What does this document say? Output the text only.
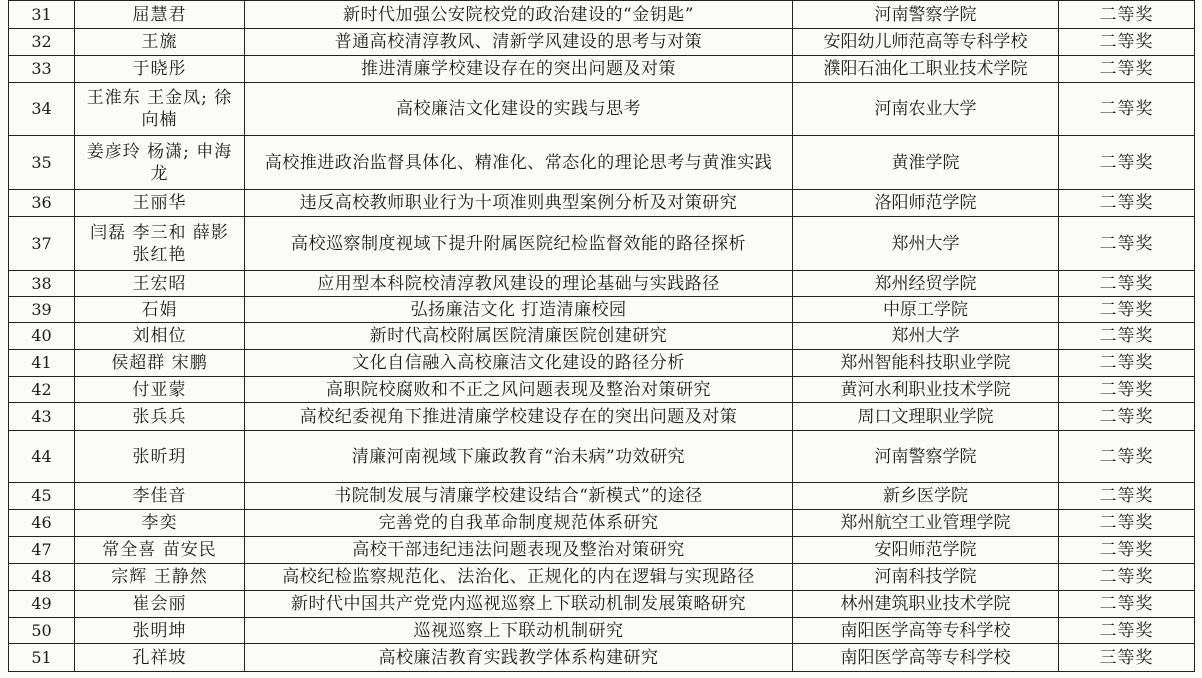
31	屈慧君	新时代加强公安院校党的政治建设的“金钥匙”	河南警察学院	二等奖
32	王旒	普通高校清淳教风、清新学风建设的思考与对策	安阳幼儿师范高等专科学校	二等奖
33	于晓彤	推进清廉学校建设存在的突出问题及对策	濮阳石油化工职业技术学院	二等奖
34	王淮东 王金凤; 徐向楠	高校廉洁文化建设的实践与思考	河南农业大学	二等奖
35	姜彦玲 杨潇; 申海龙	高校推进政治监督具体化、精准化、常态化的理论思考与黄淮实践	黄淮学院	二等奖
36	王丽华	违反高校教师职业行为十项准则典型案例分析及对策研究	洛阳师范学院	二等奖
37	闫磊 李三和 薛影 张红艳	高校巡察制度视域下提升附属医院纪检监督效能的路径探析	郑州大学	二等奖
38	王宏昭	应用型本科院校清淳教风建设的理论基础与实践路径	郑州经贸学院	二等奖
39	石娟	弘扬廉洁文化 打造清廉校园	中原工学院	二等奖
40	刘相位	新时代高校附属医院清廉医院创建研究	郑州大学	二等奖
41	侯超群 宋鹏	文化自信融入高校廉洁文化建设的路径分析	郑州智能科技职业学院	二等奖
42	付亚蒙	高职院校腐败和不正之风问题表现及整治对策研究	黄河水利职业技术学院	二等奖
43	张兵兵	高校纪委视角下推进清廉学校建设存在的突出问题及对策	周口文理职业学院	二等奖
44	张昕玥	清廉河南视域下廉政教育“治未病”功效研究	河南警察学院	二等奖
45	李佳音	书院制发展与清廉学校建设结合“新模式”的途径	新乡医学院	二等奖
46	李奕	完善党的自我革命制度规范体系研究	郑州航空工业管理学院	二等奖
47	常全喜 苗安民	高校干部违纪违法问题表现及整治对策研究	安阳师范学院	二等奖
48	宗辉 王静然	高校纪检监察规范化、法治化、正规化的内在逻辑与实现路径	河南科技学院	二等奖
49	崔会丽	新时代中国共产党党内巡视巡察上下联动机制发展策略研究	林州建筑职业技术学院	二等奖
50	张明坤	巡视巡察上下联动机制研究	南阳医学高等专科学校	二等奖
51	孔祥坡	高校廉洁教育实践教学体系构建研究	南阳医学高等专科学校	三等奖
